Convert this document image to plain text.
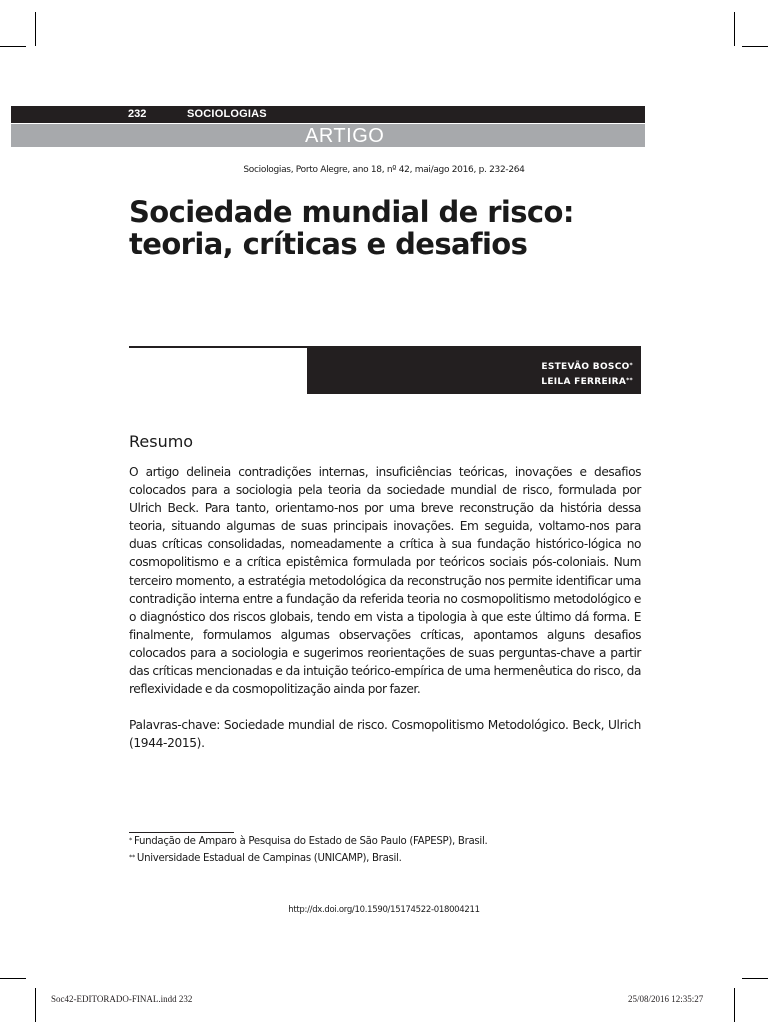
232	SOCIOLOGIAS
ARTIGO
Sociologias, Porto Alegre, ano 18, nº 42, mai/ago 2016, p. 232-264
Sociedade mundial de risco:
teoria, críticas e desafios
ESTEVÃO BOSCO*
LEILA FERREIRA**
Resumo

O artigo delineia contradições internas, insuficiências teóricas, inovações e desafios colocados para a sociologia pela teoria da sociedade mundial de risco, formulada por Ulrich Beck. Para tanto, orientamo-nos por uma breve reconstrução da história dessa teoria, situando algumas de suas principais inovações. Em seguida, voltamo-nos para duas críticas consolidadas, nomeadamente a crítica à sua fundação histórico-lógica no cosmopolitismo e a crítica epistêmica formulada por teóricos sociais pós-coloniais. Num terceiro momento, a estratégia metodológica da reconstrução nos permite identificar uma contradição interna entre a fundação da referida teoria no cosmopolitismo metodológico e o diagnóstico dos riscos globais, tendo em vista a tipologia à que este último dá forma. E finalmente, formulamos algumas observações críticas, apontamos alguns desafios colocados para a sociologia e sugerimos reorientações de suas perguntas-chave a partir das críticas mencionadas e da intuição teórico-empírica de uma hermenêutica do risco, da reflexividade e da cosmopolitização ainda por fazer.

Palavras-chave: Sociedade mundial de risco. Cosmopolitismo Metodológico. Beck, Ulrich (1944-2015).

* Fundação de Amparo à Pesquisa do Estado de São Paulo (FAPESP), Brasil.

** Universidade Estadual de Campinas (UNICAMP), Brasil.

http://dx.doi.org/10.1590/15174522-018004211
Soc42-EDITORADO-FINAL.indd 232	25/08/2016 12:35:27
